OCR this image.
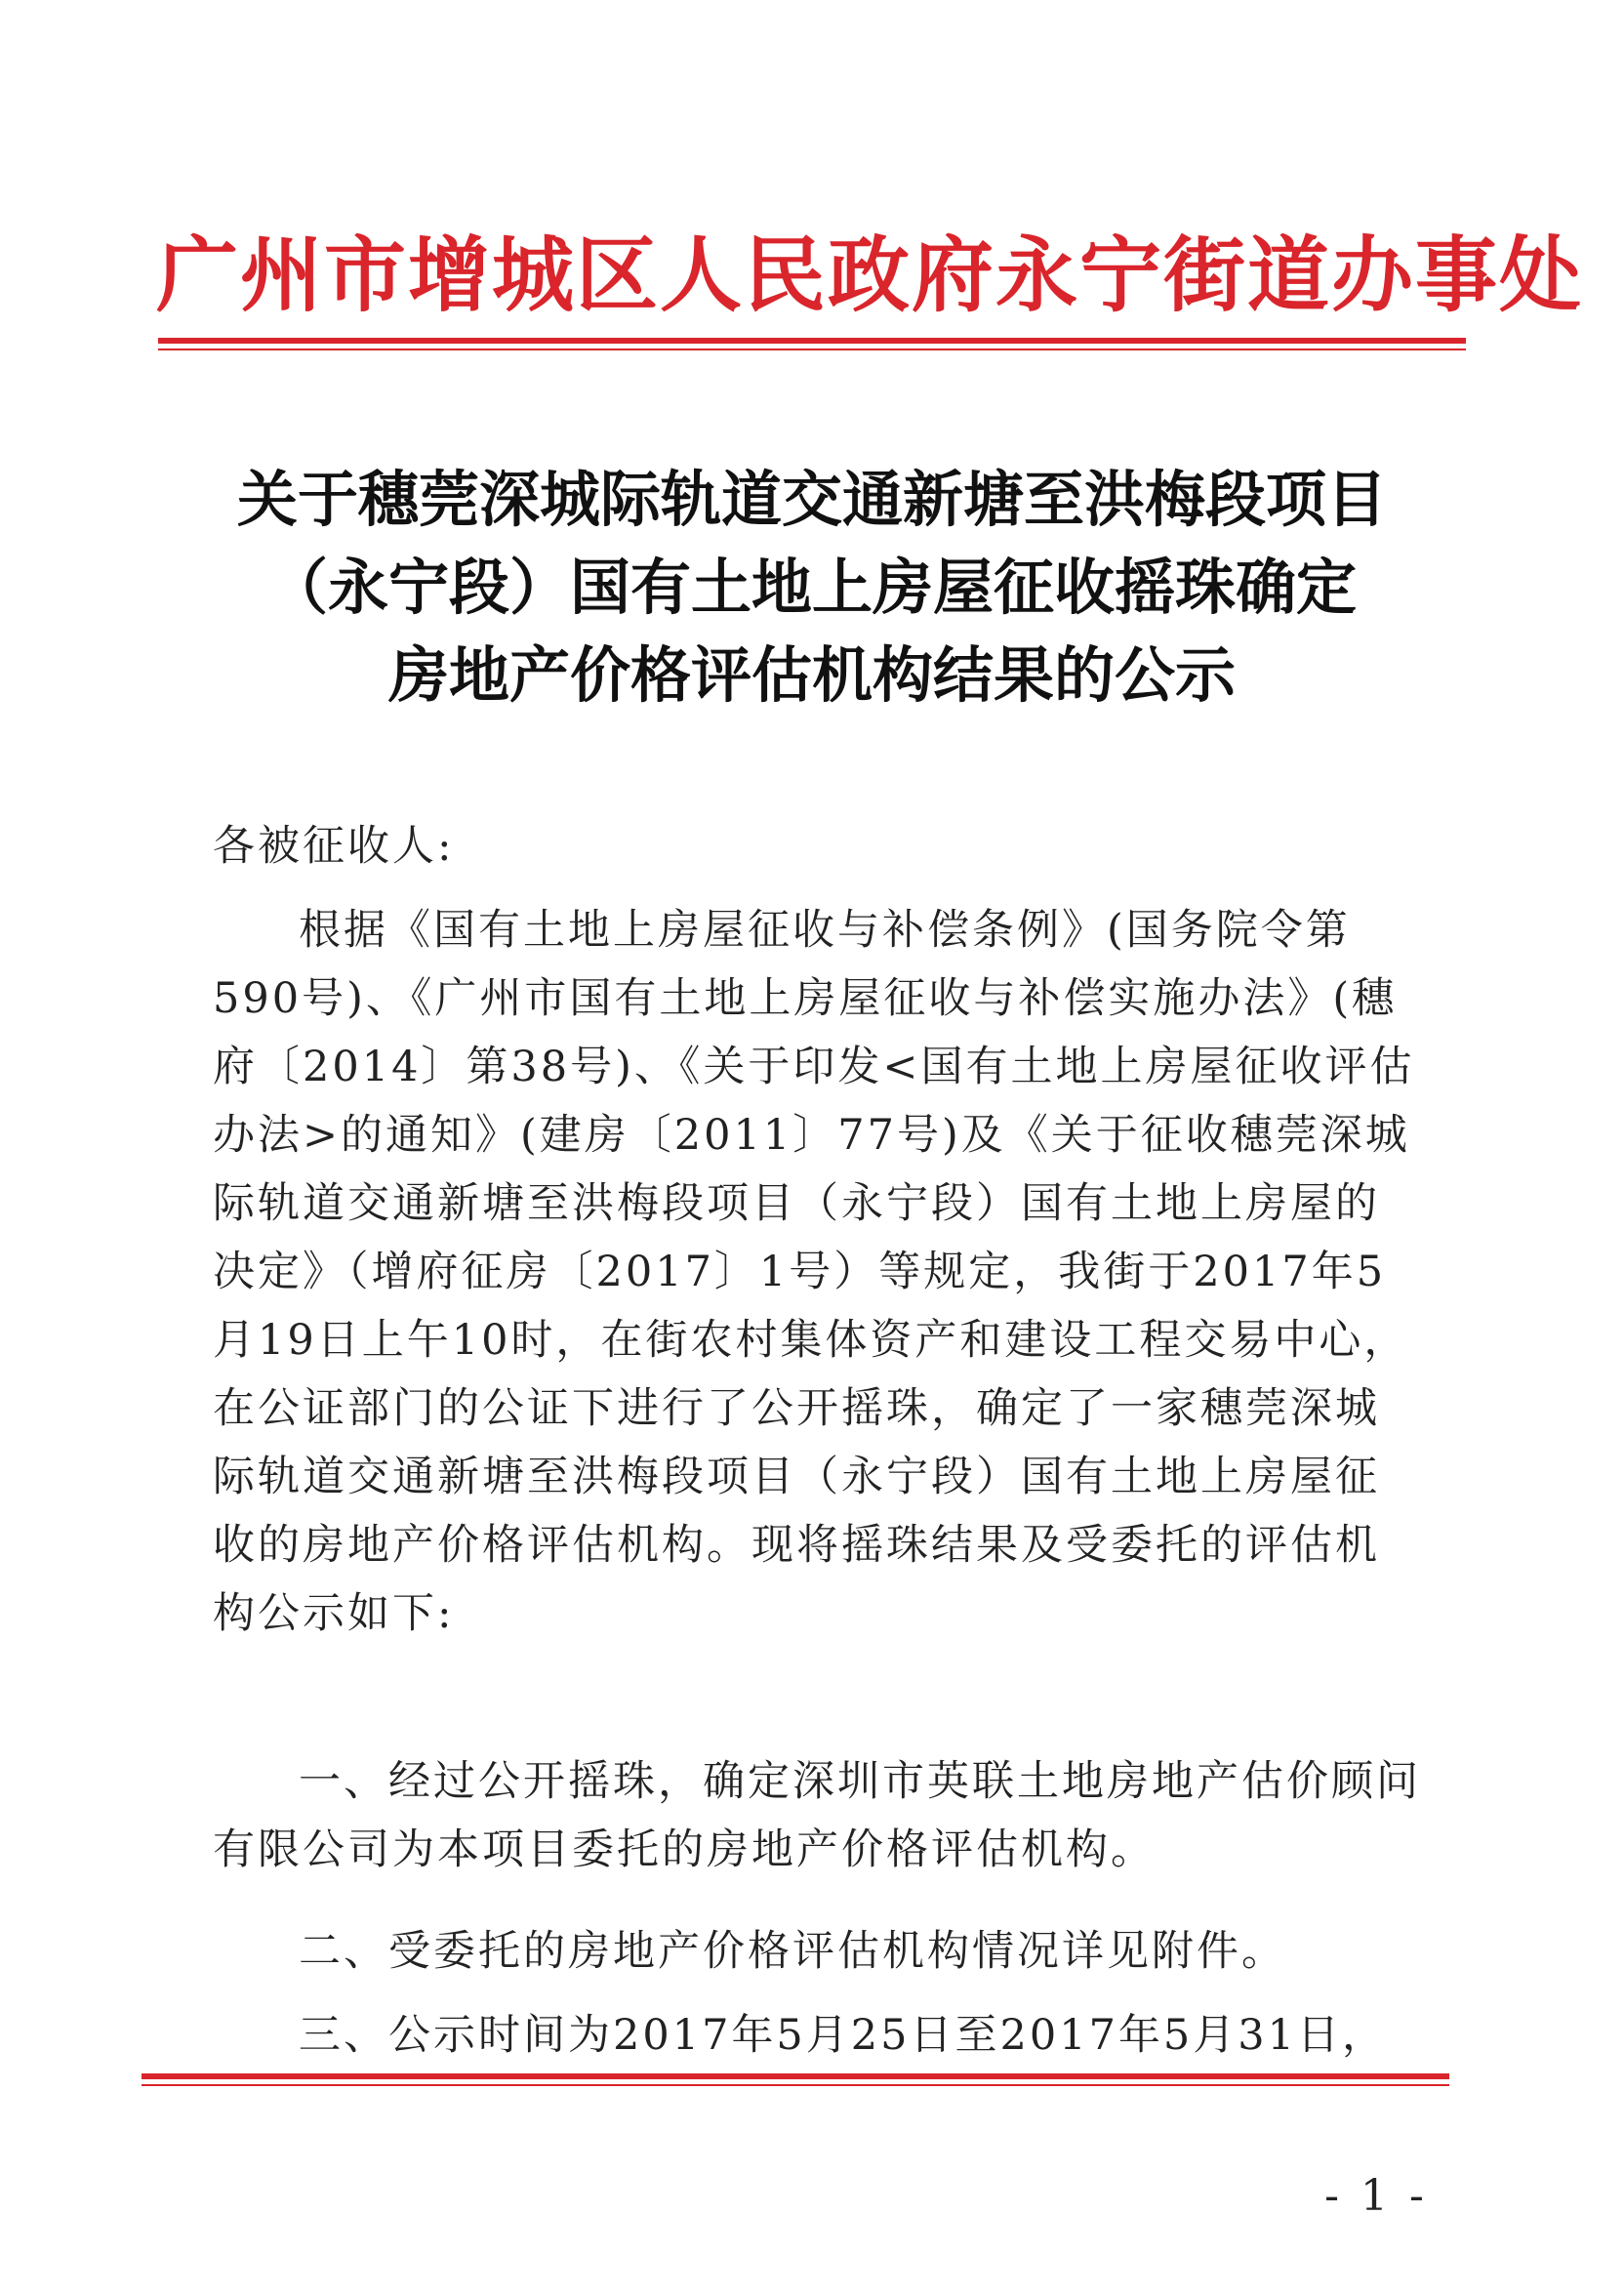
广州市增城区人民政府永宁街道办事处
关于穗莞深城际轨道交通新塘至洪梅段项目
（永宁段）国有土地上房屋征收摇珠确定
房地产价格评估机构结果的公示
各被征收人:
根据《国有土地上房屋征收与补偿条例》(国务院令第590号)、《广州市国有土地上房屋征收与补偿实施办法》(穗府〔2014〕第38号)、《关于印发<国有土地上房屋征收评估办法>的通知》(建房〔2011〕77号)及《关于征收穗莞深城际轨道交通新塘至洪梅段项目（永宁段）国有土地上房屋的决定》（增府征房〔2017〕1号）等规定，我街于2017年5月19日上午10时，在街农村集体资产和建设工程交易中心，在公证部门的公证下进行了公开摇珠，确定了一家穗莞深城际轨道交通新塘至洪梅段项目（永宁段）国有土地上房屋征收的房地产价格评估机构。现将摇珠结果及受委托的评估机构公示如下:
一、经过公开摇珠，确定深圳市英联土地房地产估价顾问有限公司为本项目委托的房地产价格评估机构。
二、受委托的房地产价格评估机构情况详见附件。
三、公示时间为2017年5月25日至2017年5月31日，
- 1 -
